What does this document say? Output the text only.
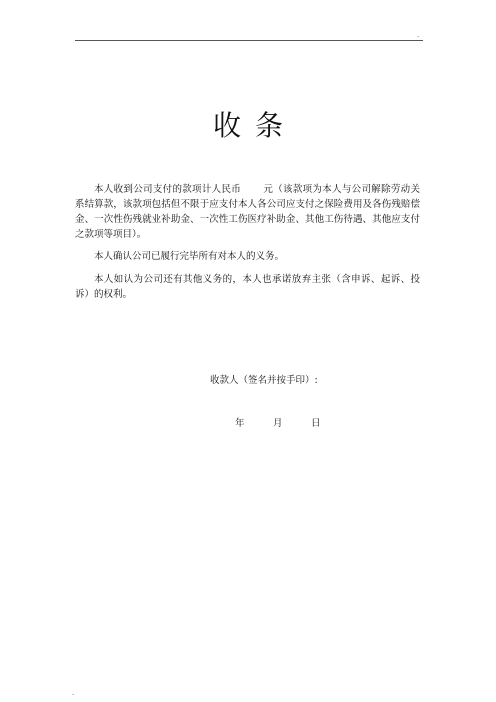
.
收条
本人收到公司支付的款项计人民币 元（该款项为本人与公司解除劳动关系结算款，该款项包括但不限于应支付本人各公司应支付之保险费用及各伤残赔偿金、一次性伤残就业补助金、一次性工伤医疗补助金、其他工伤待遇、其他应支付之款项等项目）。
本人确认公司已履行完毕所有对本人的义务。
本人如认为公司还有其他义务的，本人也承诺放弃主张（含申诉、起诉、投诉）的权利。
收款人（签名并按手印）:
年	月	日
.
